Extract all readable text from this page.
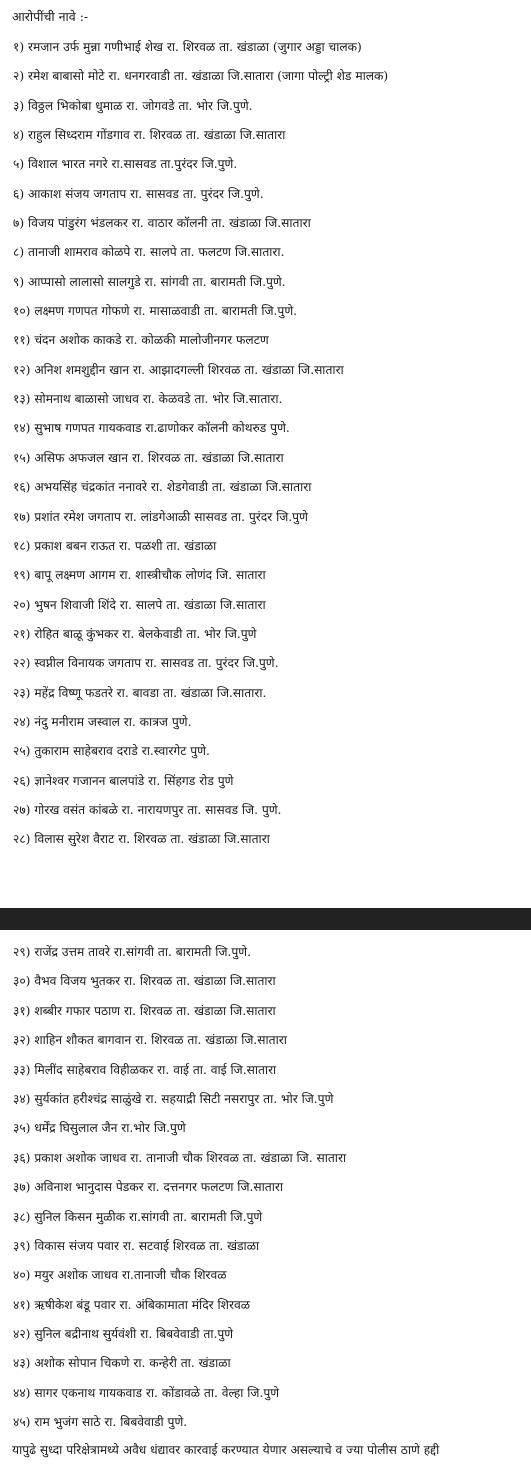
आरोपींची नावे :-
१) रमजान उर्फ मुन्ना गणीभाई शेख रा. शिरवळ ता. खंडाळा (जुगार अड्डा चालक)
२) रमेश बाबासो मोटे रा. धनगरवाडी ता. खंडाळा जि.सातारा (जागा पोल्ट्री शेड मालक)
३) विठ्ठल भिकोबा धुमाळ रा. जोगवडे ता. भोर जि.पुणे.
४) राहुल सिध्दराम गोंडगाव रा. शिरवळ ता. खंडाळा जि.सातारा
५) विशाल भारत नगरे रा.सासवड ता.पुरंदर जि.पुणे.
६) आकाश संजय जगताप रा. सासवड ता. पुरंदर जि.पुणे.
७) विजय पांडुरंग भंडलकर रा. वाठार कॉलनी ता. खंडाळा जि.सातारा
८) तानाजी शामराव कोळपे रा. सालपे ता. फलटण जि.सातारा.
९) आप्पासो लालासो सालगुडे रा. सांगवी ता. बारामती जि.पुणे.
१०) लक्ष्मण गणपत गोफणे रा. मासाळवाडी ता. बारामती जि.पुणे.
११) चंदन अशोक काकडे रा. कोळकी मालोजीनगर फलटण
१२) अनिश शमशुद्दीन खान रा. आझादगल्ली शिरवळ ता. खंडाळा जि.सातारा
१३) सोमनाथ बाळासो जाधव रा. केळवडे ता. भोर जि.सातारा.
१४) सुभाष गणपत गायकवाड रा.ढाणोकर कॉलनी कोथरुड पुणे.
१५) असिफ अफजल खान रा. शिरवळ ता. खंडाळा जि.सातारा
१६) अभयसिंह चंद्रकांत ननावरे रा. शेडगेवाडी ता. खंडाळा जि.सातारा
१७) प्रशांत रमेश जगताप रा. लांडगेआळी सासवड ता. पुरंदर जि.पुणे
१८) प्रकाश बबन राऊत रा. पळशी ता. खंडाळा
१९) बापू लक्ष्मण आगम रा. शास्त्रीचौक लोणंद जि. सातारा
२०) भुषन शिवाजी शिंदे रा. सालपे ता. खंडाळा जि.सातारा
२१) रोहित बाळू कुंभकर रा. बेलकेवाडी ता. भोर जि.पुणे
२२) स्वप्नील विनायक जगताप रा. सासवड ता. पुरंदर जि.पुणे.
२३) महेंद्र विष्णू फडतरे रा. बावडा ता. खंडाळा जि.सातारा.
२४) नंदु मनीराम जस्वाल रा. कात्रज पुणे.
२५) तुकाराम साहेबराव दराडे रा.स्वारगेट पुणे.
२६) ज्ञानेश्वर गजानन बालपांडे रा. सिंहगड रोड पुणे
२७) गोरख वसंत कांबळे रा. नारायणपुर ता. सासवड जि. पुणे.
२८) विलास सुरेश वैराट रा. शिरवळ ता. खंडाळा जि.सातारा
२९) राजेंद्र उत्तम तावरे रा.सांगवी ता. बारामती जि.पुणे.
३०) वैभव विजय भुतकर रा. शिरवळ ता. खंडाळा जि.सातारा
३१) शब्बीर गफार पठाण रा. शिरवळ ता. खंडाळा जि.सातारा
३२) शाहिन शौकत बागवान रा. शिरवळ ता. खंडाळा जि.सातारा
३३) मिलींद साहेबराव विहीळकर रा. वाई ता. वाई जि.सातारा
३४) सुर्यकांत हरीश्चंद्र साळुंखे रा. सहयाद्री सिटी नसरापुर ता. भोर जि.पुणे
३५) धर्मेंद्र घिसुलाल जैन रा.भोर जि.पुणे
३६) प्रकाश अशोक जाधव रा. तानाजी चौक शिरवळ ता. खंडाळा जि. सातारा
३७) अविनाश भानुदास पेडकर रा. दत्तनगर फलटण जि.सातारा
३८) सुनिल किसन मुळीक रा.सांगवी ता. बारामती जि.पुणे
३९) विकास संजय पवार रा. सटवाई शिरवळ ता. खंडाळा
४०) मयुर अशोक जाधव रा.तानाजी चौक शिरवळ
४१) ऋषीकेश बंडू पवार रा. अंबिकामाता मंदिर शिरवळ
४२) सुनिल बद्रीनाथ सुर्यवंशी रा. बिबवेवाडी ता.पुणे
४३) अशोक सोपान चिकणे रा. कन्हेरी ता. खंडाळा
४४) सागर एकनाथ गायकवाड रा. कोंडावळे ता. वेल्हा जि.पुणे
४५) राम भुजंग साठे रा. बिबवेवाडी पुणे.
यापुढे सुध्दा परिक्षेत्रामध्ये अवैध धंद्यावर कारवाई करण्यात येणार असल्याचे व ज्या पोलीस ठाणे हद्दी
